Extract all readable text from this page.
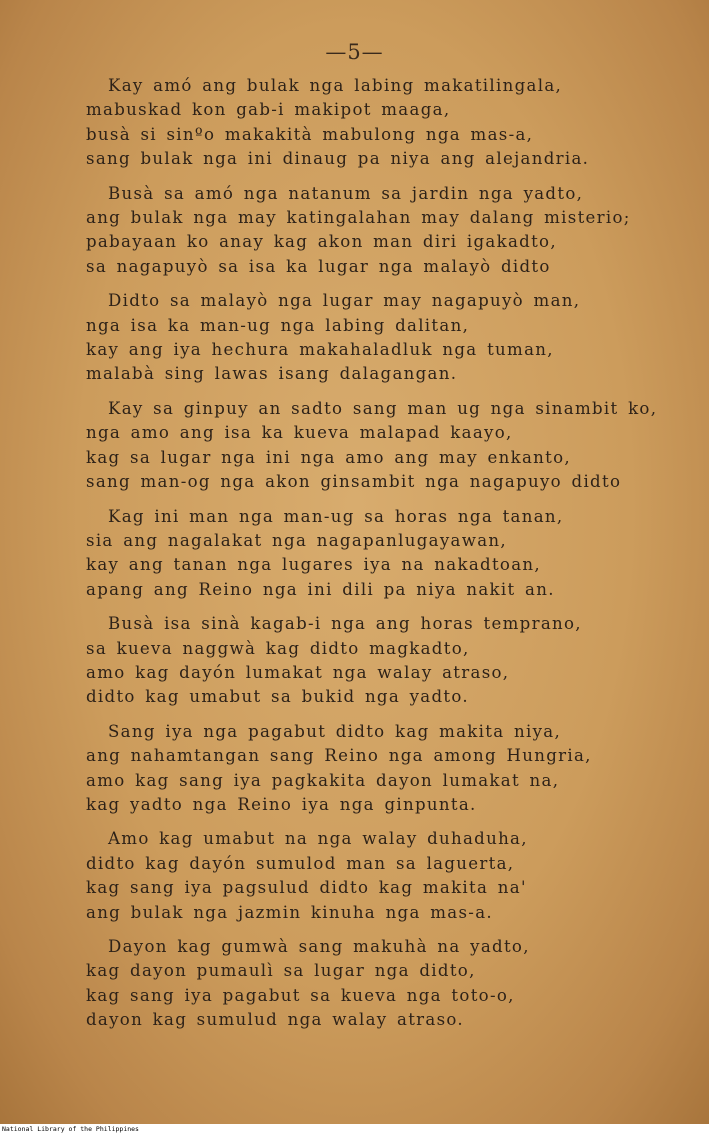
—5—
Kay amó ang bulak nga labing makatilingala,
mabuskad kon gab-i makipot maaga,
busà si sinºo makakità mabulong nga mas-a,
sang bulak nga ini dinaug pa niya ang alejandria.
Busà sa amó nga natanum sa jardin nga yadto,
ang bulak nga may katingalahan may dalang misterio;
pabayaan ko anay kag akon man diri igakadto,
sa nagapuyò sa isa ka lugar nga malayò didto
Didto sa malayò nga lugar may nagapuyò man,
nga isa ka man-ug nga labing dalitan,
kay ang iya hechura makahaladluk nga tuman,
malabà sing lawas isang dalagangan.
Kay sa ginpuy an sadto sang man ug nga sinambit ko,
nga amo ang isa ka kueva malapad kaayo,
kag sa lugar nga ini nga amo ang may enkanto,
sang man-og nga akon ginsambit nga nagapuyo didto
Kag ini man nga man-ug sa horas nga tanan,
sia ang nagalakat nga nagapanlugayawan,
kay ang tanan nga lugares iya na nakadtoan,
apang ang Reino nga ini dili pa niya nakit an.
Busà isa sinà kagab-i nga ang horas temprano,
sa kueva naggwà kag didto magkadto,
amo kag dayón lumakat nga walay atraso,
didto kag umabut sa bukid nga yadto.
Sang iya nga pagabut didto kag makita niya,
ang nahamtangan sang Reino nga among Hungria,
amo kag sang iya pagkakita dayon lumakat na,
kag yadto nga Reino iya nga ginpunta.
Amo kag umabut na nga walay duhaduha,
didto kag dayón sumulod man sa laguerta,
kag sang iya pagsulud didto kag makita na'
ang bulak nga jazmin kinuha nga mas-a.
Dayon kag gumwà sang makuhà na yadto,
kag dayon pumaulì sa lugar nga didto,
kag sang iya pagabut sa kueva nga toto-o,
dayon kag sumulud nga walay atraso.
National Library of the Philippines
